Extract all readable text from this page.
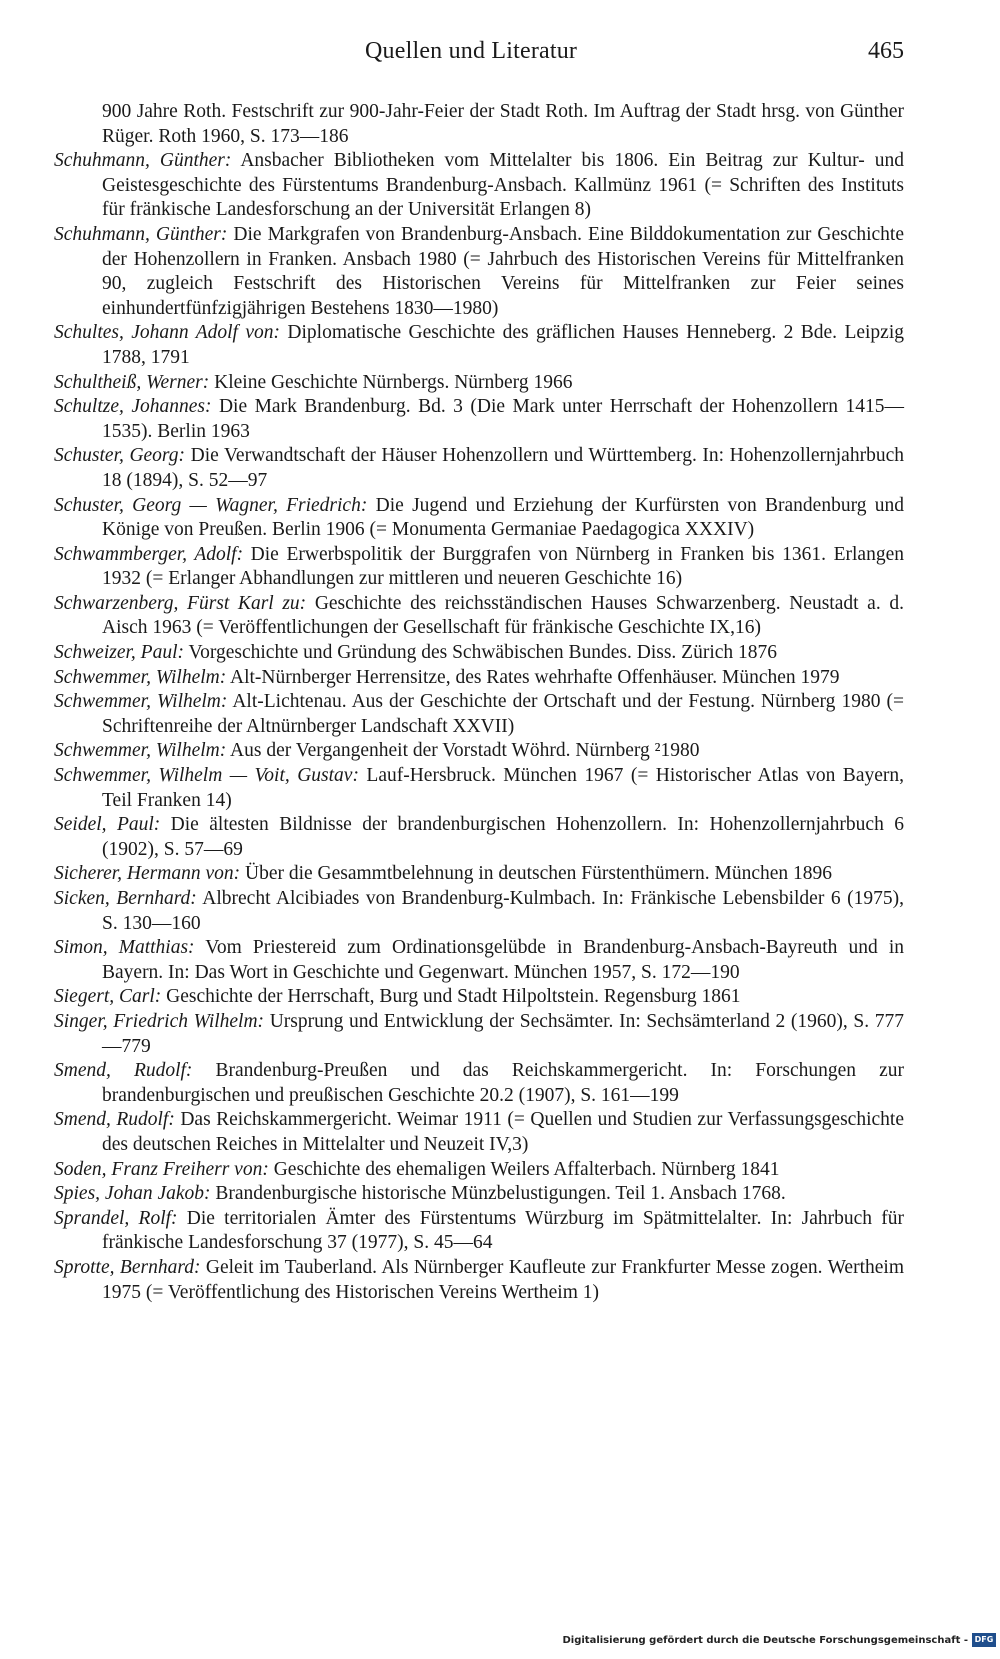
Quellen und Literatur	465

900 Jahre Roth. Festschrift zur 900-Jahr-Feier der Stadt Roth. Im Auftrag der Stadt hrsg. von Günther Rüger. Roth 1960, S. 173—186

Schuhmann, Günther: Ansbacher Bibliotheken vom Mittelalter bis 1806. Ein Beitrag zur Kultur- und Geistesgeschichte des Fürstentums Brandenburg-Ansbach. Kallmünz 1961 (= Schriften des Instituts für fränkische Landesforschung an der Universität Erlangen 8)

Schuhmann, Günther: Die Markgrafen von Brandenburg-Ansbach. Eine Bilddokumentation zur Geschichte der Hohenzollern in Franken. Ansbach 1980 (= Jahrbuch des Historischen Vereins für Mittelfranken 90, zugleich Festschrift des Historischen Vereins für Mittelfranken zur Feier seines einhundertfünfzigjährigen Bestehens 1830—1980)

Schultes, Johann Adolf von: Diplomatische Geschichte des gräflichen Hauses Henneberg. 2 Bde. Leipzig 1788, 1791

Schultheiß, Werner: Kleine Geschichte Nürnbergs. Nürnberg 1966

Schultze, Johannes: Die Mark Brandenburg. Bd. 3 (Die Mark unter Herrschaft der Hohenzollern 1415—1535). Berlin 1963

Schuster, Georg: Die Verwandtschaft der Häuser Hohenzollern und Württemberg. In: Hohenzollernjahrbuch 18 (1894), S. 52—97

Schuster, Georg — Wagner, Friedrich: Die Jugend und Erziehung der Kurfürsten von Brandenburg und Könige von Preußen. Berlin 1906 (= Monumenta Germaniae Paedagogica XXXIV)

Schwammberger, Adolf: Die Erwerbspolitik der Burggrafen von Nürnberg in Franken bis 1361. Erlangen 1932 (= Erlanger Abhandlungen zur mittleren und neueren Geschichte 16)

Schwarzenberg, Fürst Karl zu: Geschichte des reichsständischen Hauses Schwarzenberg. Neustadt a. d. Aisch 1963 (= Veröffentlichungen der Gesellschaft für fränkische Geschichte IX,16)

Schweizer, Paul: Vorgeschichte und Gründung des Schwäbischen Bundes. Diss. Zürich 1876

Schwemmer, Wilhelm: Alt-Nürnberger Herrensitze, des Rates wehrhafte Offenhäuser. München 1979

Schwemmer, Wilhelm: Alt-Lichtenau. Aus der Geschichte der Ortschaft und der Festung. Nürnberg 1980 (= Schriftenreihe der Altnürnberger Landschaft XXVII)

Schwemmer, Wilhelm: Aus der Vergangenheit der Vorstadt Wöhrd. Nürnberg ²1980

Schwemmer, Wilhelm — Voit, Gustav: Lauf-Hersbruck. München 1967 (= Historischer Atlas von Bayern, Teil Franken 14)

Seidel, Paul: Die ältesten Bildnisse der brandenburgischen Hohenzollern. In: Hohenzollernjahrbuch 6 (1902), S. 57—69

Sicherer, Hermann von: Über die Gesammtbelehnung in deutschen Fürstenthümern. München 1896

Sicken, Bernhard: Albrecht Alcibiades von Brandenburg-Kulmbach. In: Fränkische Lebensbilder 6 (1975), S. 130—160

Simon, Matthias: Vom Priestereid zum Ordinationsgelübde in Brandenburg-Ansbach-Bayreuth und in Bayern. In: Das Wort in Geschichte und Gegenwart. München 1957, S. 172—190

Siegert, Carl: Geschichte der Herrschaft, Burg und Stadt Hilpoltstein. Regensburg 1861

Singer, Friedrich Wilhelm: Ursprung und Entwicklung der Sechsämter. In: Sechsämterland 2 (1960), S. 777—779

Smend, Rudolf: Brandenburg-Preußen und das Reichskammergericht. In: Forschungen zur brandenburgischen und preußischen Geschichte 20.2 (1907), S. 161—199

Smend, Rudolf: Das Reichskammergericht. Weimar 1911 (= Quellen und Studien zur Verfassungsgeschichte des deutschen Reiches in Mittelalter und Neuzeit IV,3)

Soden, Franz Freiherr von: Geschichte des ehemaligen Weilers Affalterbach. Nürnberg 1841

Spies, Johan Jakob: Brandenburgische historische Münzbelustigungen. Teil 1. Ansbach 1768.

Sprandel, Rolf: Die territorialen Ämter des Fürstentums Würzburg im Spätmittelalter. In: Jahrbuch für fränkische Landesforschung 37 (1977), S. 45—64

Sprotte, Bernhard: Geleit im Tauberland. Als Nürnberger Kaufleute zur Frankfurter Messe zogen. Wertheim 1975 (= Veröffentlichung des Historischen Vereins Wertheim 1)

Digitalisierung gefördert durch die Deutsche Forschungsgemeinschaft - DFG
